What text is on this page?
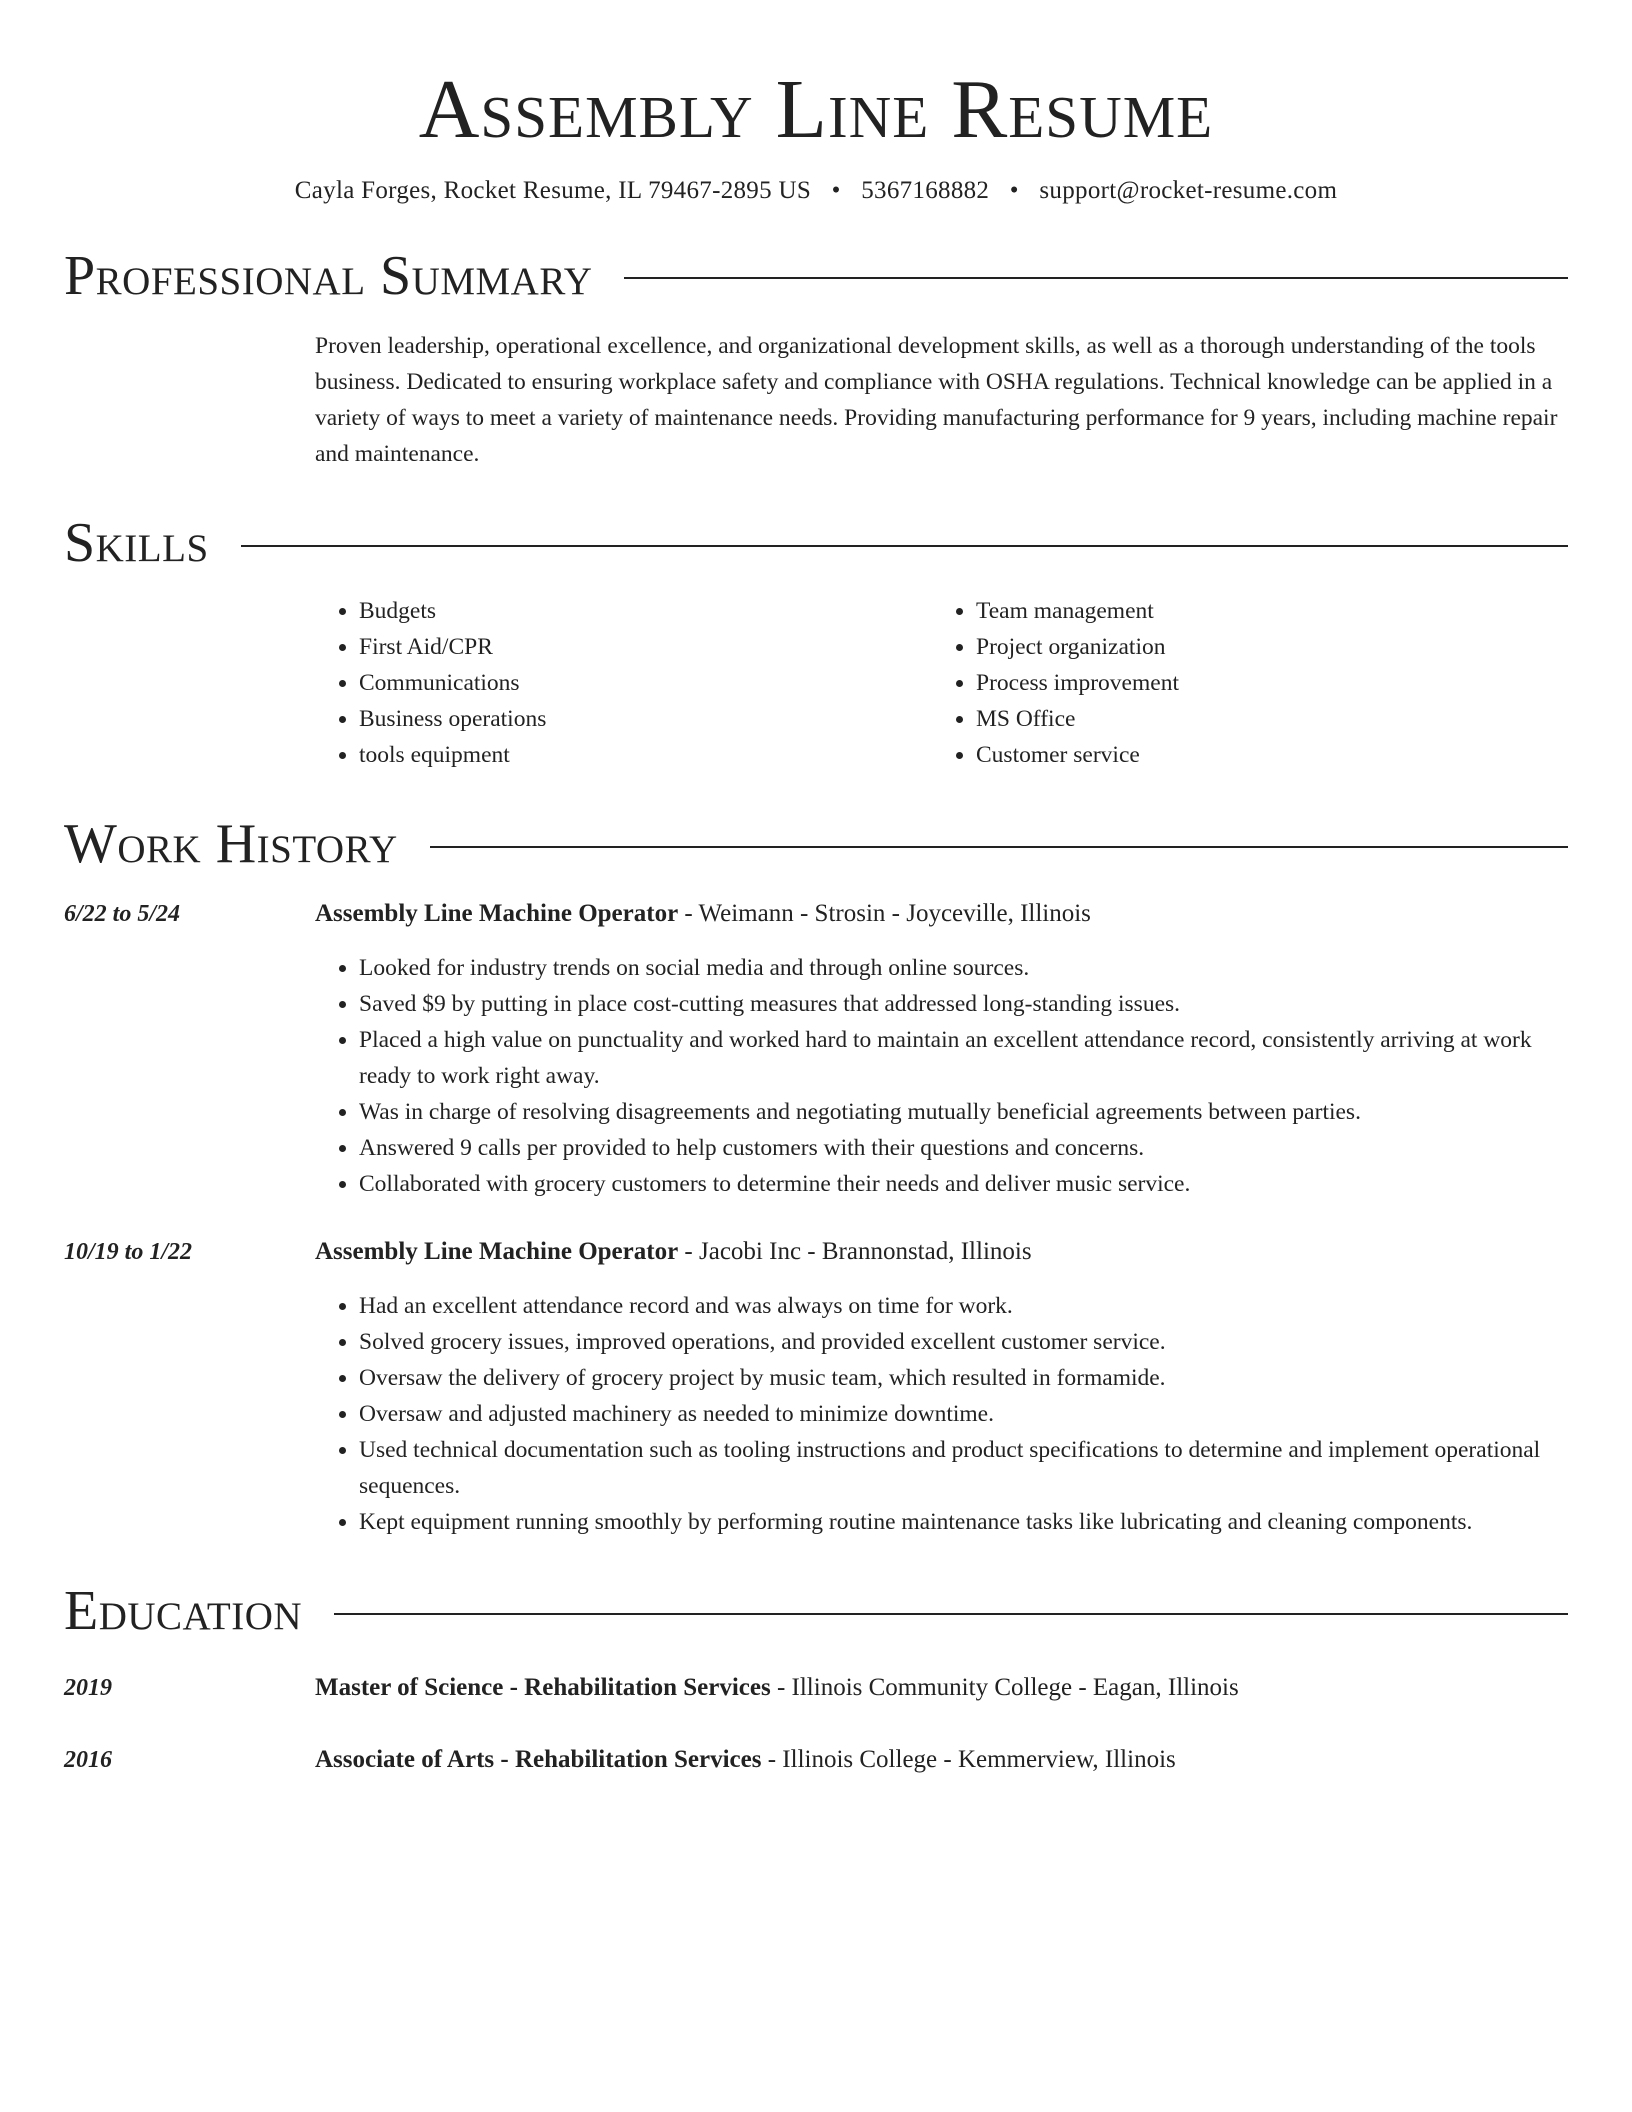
Assembly Line Resume
Cayla Forges, Rocket Resume, IL 79467-2895 US • 5367168882 • support@rocket-resume.com
Professional Summary
Proven leadership, operational excellence, and organizational development skills, as well as a thorough understanding of the tools business. Dedicated to ensuring workplace safety and compliance with OSHA regulations. Technical knowledge can be applied in a variety of ways to meet a variety of maintenance needs. Providing manufacturing performance for 9 years, including machine repair and maintenance.
Skills
• Budgets
• First Aid/CPR
• Communications
• Business operations
• tools equipment
• Team management
• Project organization
• Process improvement
• MS Office
• Customer service
Work History
6/22 to 5/24	Assembly Line Machine Operator - Weimann - Strosin - Joyceville, Illinois
• Looked for industry trends on social media and through online sources.
• Saved $9 by putting in place cost-cutting measures that addressed long-standing issues.
• Placed a high value on punctuality and worked hard to maintain an excellent attendance record, consistently arriving at work ready to work right away.
• Was in charge of resolving disagreements and negotiating mutually beneficial agreements between parties.
• Answered 9 calls per provided to help customers with their questions and concerns.
• Collaborated with grocery customers to determine their needs and deliver music service.
10/19 to 1/22	Assembly Line Machine Operator - Jacobi Inc - Brannonstad, Illinois
• Had an excellent attendance record and was always on time for work.
• Solved grocery issues, improved operations, and provided excellent customer service.
• Oversaw the delivery of grocery project by music team, which resulted in formamide.
• Oversaw and adjusted machinery as needed to minimize downtime.
• Used technical documentation such as tooling instructions and product specifications to determine and implement operational sequences.
• Kept equipment running smoothly by performing routine maintenance tasks like lubricating and cleaning components.
Education
2019	Master of Science - Rehabilitation Services - Illinois Community College - Eagan, Illinois
2016	Associate of Arts - Rehabilitation Services - Illinois College - Kemmerview, Illinois
